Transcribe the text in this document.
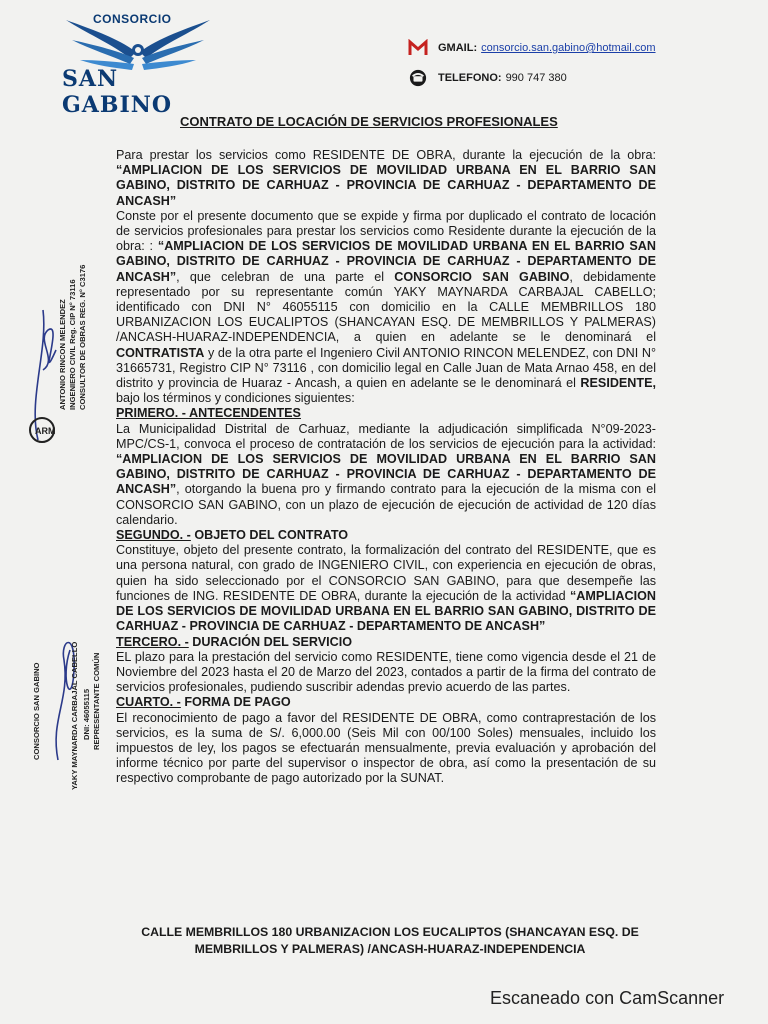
CONSORCIO
SAN GABINO
GMAIL: consorcio.san.gabino@hotmail.com
TELEFONO: 990 747 380
CONTRATO DE LOCACIÓN DE SERVICIOS PROFESIONALES
ARM
ANTONIO RINCON MELENDEZ INGENIERO CIVIL Reg. CIP N° 73116 CONSULTOR DE OBRAS REG. N° C3176
CONSORCIO SAN GABINO	YAKY MAYNARDA CARBAJAL CABELLO DNI: 46055115 REPRESENTANTE COMÚN

Para prestar los servicios como RESIDENTE DE OBRA, durante la ejecución de la obra: “AMPLIACION DE LOS SERVICIOS DE MOVILIDAD URBANA EN EL BARRIO SAN GABINO, DISTRITO DE CARHUAZ - PROVINCIA DE CARHUAZ - DEPARTAMENTO DE ANCASH”

Conste por el presente documento que se expide y firma por duplicado el contrato de locación de servicios profesionales para prestar los servicios como Residente durante la ejecución de la obra: : “AMPLIACION DE LOS SERVICIOS DE MOVILIDAD URBANA EN EL BARRIO SAN GABINO, DISTRITO DE CARHUAZ - PROVINCIA DE CARHUAZ - DEPARTAMENTO DE ANCASH”, que celebran de una parte el CONSORCIO SAN GABINO, debidamente representado por su representante común YAKY MAYNARDA CARBAJAL CABELLO; identificado con DNI N° 46055115 con domicilio en la CALLE MEMBRILLOS 180 URBANIZACION LOS EUCALIPTOS (SHANCAYAN ESQ. DE MEMBRILLOS Y PALMERAS) /ANCASH-HUARAZ-INDEPENDENCIA, a quien en adelante se le denominará el CONTRATISTA y de la otra parte el Ingeniero Civil ANTONIO RINCON MELENDEZ, con DNI N° 31665731, Registro CIP N° 73116 , con domicilio legal en Calle Juan de Mata Arnao 458, en del distrito y provincia de Huaraz - Ancash, a quien en adelante se le denominará el RESIDENTE, bajo los términos y condiciones siguientes:

PRIMERO. - ANTECENDENTES

La Municipalidad Distrital de Carhuaz, mediante la adjudicación simplificada N°09-2023-MPC/CS-1, convoca el proceso de contratación de los servicios de ejecución para la actividad: “AMPLIACION DE LOS SERVICIOS DE MOVILIDAD URBANA EN EL BARRIO SAN GABINO, DISTRITO DE CARHUAZ - PROVINCIA DE CARHUAZ - DEPARTAMENTO DE ANCASH”, otorgando la buena pro y firmando contrato para la ejecución de la misma con el CONSORCIO SAN GABINO, con un plazo de ejecución de ejecución de actividad de 120 días calendario.

SEGUNDO. - OBJETO DEL CONTRATO

Constituye, objeto del presente contrato, la formalización del contrato del RESIDENTE, que es una persona natural, con grado de INGENIERO CIVIL, con experiencia en ejecución de obras, quien ha sido seleccionado por el CONSORCIO SAN GABINO, para que desempeñe las funciones de ING. RESIDENTE DE OBRA, durante la ejecución de la actividad “AMPLIACION DE LOS SERVICIOS DE MOVILIDAD URBANA EN EL BARRIO SAN GABINO, DISTRITO DE CARHUAZ - PROVINCIA DE CARHUAZ - DEPARTAMENTO DE ANCASH”

TERCERO. - DURACIÓN DEL SERVICIO

EL plazo para la prestación del servicio como RESIDENTE, tiene como vigencia desde el 21 de Noviembre del 2023 hasta el 20 de Marzo del 2023, contados a partir de la firma del contrato de servicios profesionales, pudiendo suscribir adendas previo acuerdo de las partes.

CUARTO. - FORMA DE PAGO

El reconocimiento de pago a favor del RESIDENTE DE OBRA, como contraprestación de los servicios, es la suma de S/. 6,000.00 (Seis Mil con 00/100 Soles) mensuales, incluido los impuestos de ley, los pagos se efectuarán mensualmente, previa evaluación y aprobación del informe técnico por parte del supervisor o inspector de obra, así como la presentación de su respectivo comprobante de pago autorizado por la SUNAT.

CALLE MEMBRILLOS 180 URBANIZACION LOS EUCALIPTOS (SHANCAYAN ESQ. DE MEMBRILLOS Y PALMERAS) /ANCASH-HUARAZ-INDEPENDENCIA
Escaneado con CamScanner
